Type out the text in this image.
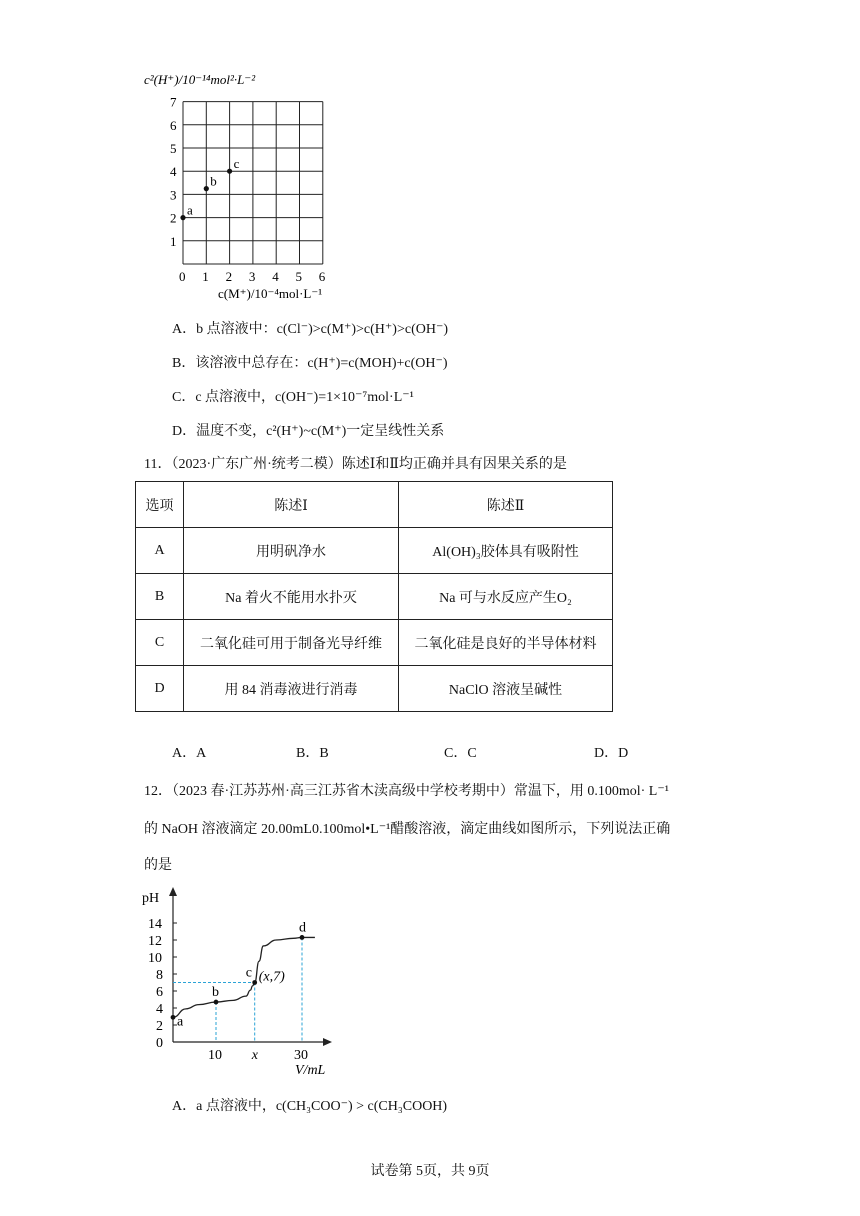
c²(H⁺)/10⁻¹⁴mol²·L⁻²
1
2
3
4
5
6
7
0 1 2 3 4 5 6
a
b
c
c(M⁺)/10⁻⁴mol·L⁻¹
A．b 点溶液中：c(Cl⁻)>c(M⁺)>c(H⁺)>c(OH⁻)
B．该溶液中总存在：c(H⁺)=c(MOH)+c(OH⁻)
C．c 点溶液中，c(OH⁻)=1×10⁻⁷mol·L⁻¹
D．温度不变，c²(H⁺)~c(M⁺)一定呈线性关系
11．（2023·广东广州·统考二模）陈述Ⅰ和Ⅱ均正确并具有因果关系的是
选项	陈述Ⅰ	陈述Ⅱ
A	用明矾净水	Al(OH)₃胶体具有吸附性
B	Na 着火不能用水扑灭	Na 可与水反应产生O₂
C	二氧化硅可用于制备光导纤维	二氧化硅是良好的半导体材料
D	用 84 消毒液进行消毒	NaClO 溶液呈碱性
A．A	B．B	C．C	D．D
12．（2023 春·江苏苏州·高三江苏省木渎高级中学校考期中）常温下，用 0.100mol· L⁻¹
的 NaOH 溶液滴定 20.00mL0.100mol•L⁻¹醋酸溶液，滴定曲线如图所示，下列说法正确
的是
pH
0
2
4
6
8
10
12
14
a
b
c
d
(x,7)
10 x	30
V/mL
A．a 点溶液中，c(CH₃COO⁻) > c(CH₃COOH)
试卷第 5页，共 9页
